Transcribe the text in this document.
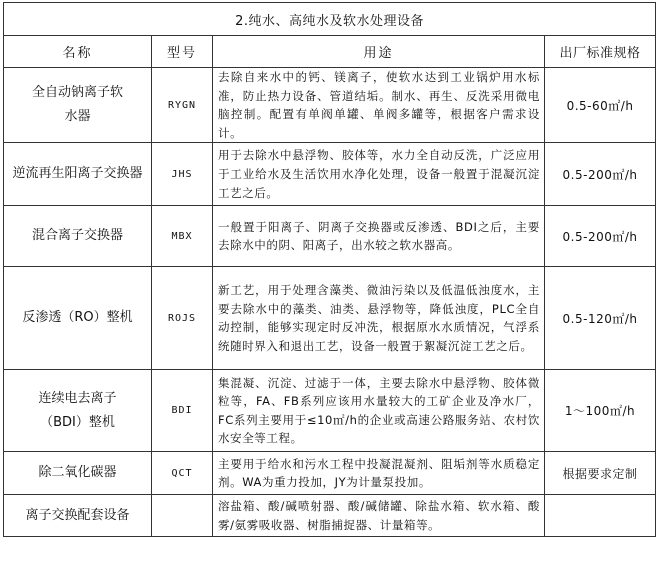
2.纯水、高纯水及软水处理设备			
名称	型号	用途	出厂标准规格
全自动钠离子软水器	RYGN	去除自来水中的钙、镁离子，使软水达到工业锅炉用水标准，防止热力设备、管道结垢。制水、再生、反洗采用微电脑控制。配置有单阀单罐、单阀多罐等，根据客户需求设计。	0.5-60㎡/h
逆流再生阳离子交换器	JHS	用于去除水中悬浮物、胶体等，水力全自动反洗，广泛应用于工业给水及生活饮用水净化处理，设备一般置于混凝沉淀工艺之后。	0.5-200㎡/h
混合离子交换器	MBX	一般置于阳离子、阴离子交换器或反渗透、BDI之后，主要去除水中的阴、阳离子，出水较之软水器高。	0.5-200㎡/h
反渗透（RO）整机	ROJS	新工艺，用于处理含藻类、微油污染以及低温低浊度水，主要去除水中的藻类、油类、悬浮物等，降低浊度，PLC全自动控制，能够实现定时反冲洗，根据原水水质情况，气浮系统随时界入和退出工艺，设备一般置于絮凝沉淀工艺之后。	0.5-120㎡/h
连续电去离子（BDI）整机	BDI	集混凝、沉淀、过滤于一体，主要去除水中悬浮物、胶体微粒等，FA、FB系列应该用水量较大的工矿企业及净水厂，FC系列主要用于≤10㎡/h的企业或高速公路服务站、农村饮水安全等工程。	1～100㎡/h
除二氧化碳器	QCT	主要用于给水和污水工程中投凝混凝剂、阻垢剂等水质稳定剂。WA为重力投加，JY为计量泵投加。	根据要求定制
离子交换配套设备		溶盐箱、酸/碱喷射器、酸/碱储罐、除盐水箱、软水箱、酸雾/氨雾吸收器、树脂捕捉器、计量箱等。	
